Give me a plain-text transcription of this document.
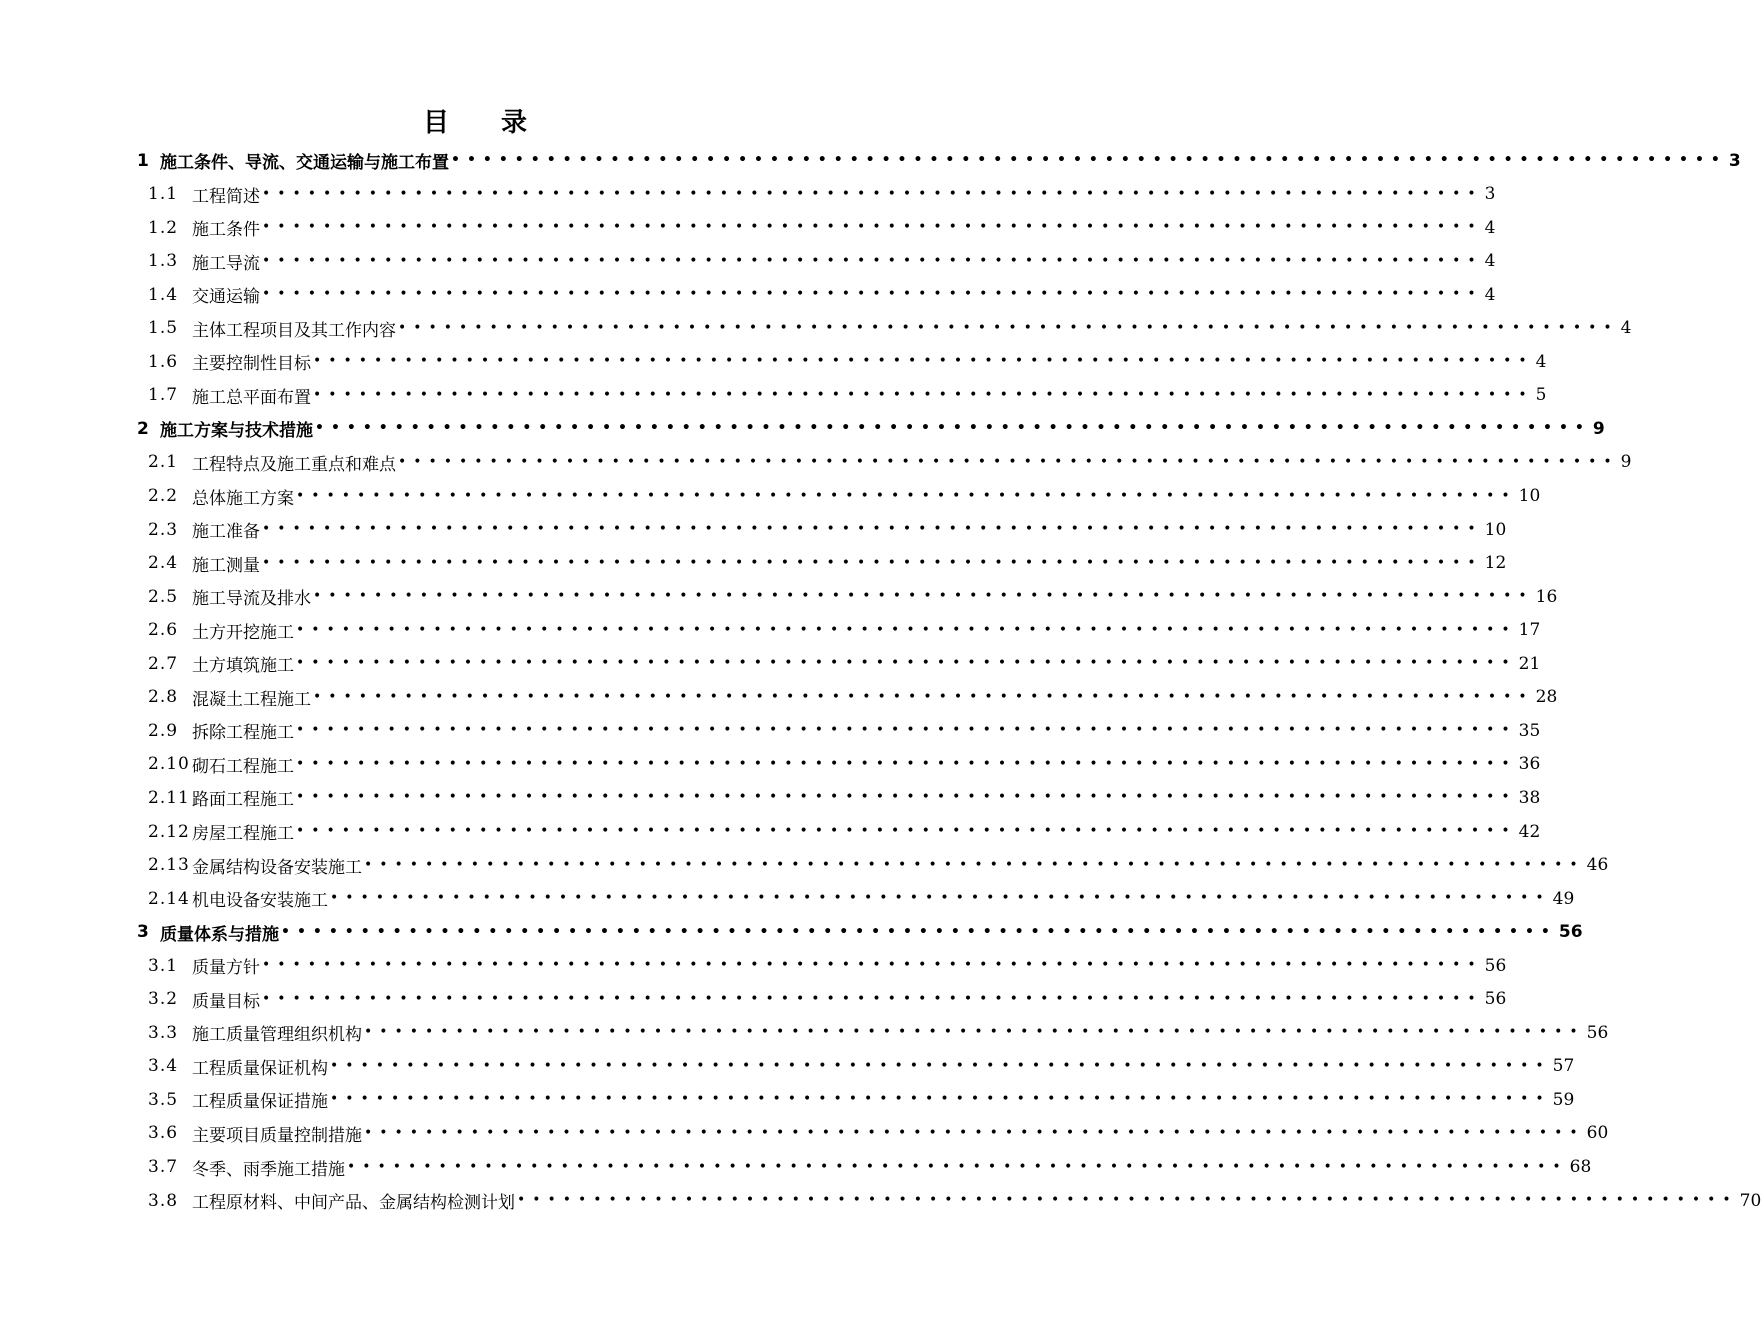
目 录
1 施工条件、导流、交通运输与施工布置 •••••••••••••••••••••••••••••••••••••••••••••••••••••••••••••••••••••••••••••••• 3
1.1 工程简述 •••••••••••••••••••••••••••••••••••••••••••••••••••••••••••••••••••••••••••••••• 3
1.2 施工条件 •••••••••••••••••••••••••••••••••••••••••••••••••••••••••••••••••••••••••••••••• 4
1.3 施工导流 •••••••••••••••••••••••••••••••••••••••••••••••••••••••••••••••••••••••••••••••• 4
1.4 交通运输 •••••••••••••••••••••••••••••••••••••••••••••••••••••••••••••••••••••••••••••••• 4
1.5 主体工程项目及其工作内容 •••••••••••••••••••••••••••••••••••••••••••••••••••••••••••••••••••••••••••••••• 4
1.6 主要控制性目标 •••••••••••••••••••••••••••••••••••••••••••••••••••••••••••••••••••••••••••••••• 4
1.7 施工总平面布置 •••••••••••••••••••••••••••••••••••••••••••••••••••••••••••••••••••••••••••••••• 5
2 施工方案与技术措施 •••••••••••••••••••••••••••••••••••••••••••••••••••••••••••••••••••••••••••••••• 9
2.1 工程特点及施工重点和难点 •••••••••••••••••••••••••••••••••••••••••••••••••••••••••••••••••••••••••••••••• 9
2.2 总体施工方案 •••••••••••••••••••••••••••••••••••••••••••••••••••••••••••••••••••••••••••••••• 10
2.3 施工准备 •••••••••••••••••••••••••••••••••••••••••••••••••••••••••••••••••••••••••••••••• 10
2.4 施工测量 •••••••••••••••••••••••••••••••••••••••••••••••••••••••••••••••••••••••••••••••• 12
2.5 施工导流及排水 •••••••••••••••••••••••••••••••••••••••••••••••••••••••••••••••••••••••••••••••• 16
2.6 土方开挖施工 •••••••••••••••••••••••••••••••••••••••••••••••••••••••••••••••••••••••••••••••• 17
2.7 土方填筑施工 •••••••••••••••••••••••••••••••••••••••••••••••••••••••••••••••••••••••••••••••• 21
2.8 混凝土工程施工 •••••••••••••••••••••••••••••••••••••••••••••••••••••••••••••••••••••••••••••••• 28
2.9 拆除工程施工 •••••••••••••••••••••••••••••••••••••••••••••••••••••••••••••••••••••••••••••••• 35
2.10 砌石工程施工 •••••••••••••••••••••••••••••••••••••••••••••••••••••••••••••••••••••••••••••••• 36
2.11 路面工程施工 •••••••••••••••••••••••••••••••••••••••••••••••••••••••••••••••••••••••••••••••• 38
2.12 房屋工程施工 •••••••••••••••••••••••••••••••••••••••••••••••••••••••••••••••••••••••••••••••• 42
2.13 金属结构设备安装施工 •••••••••••••••••••••••••••••••••••••••••••••••••••••••••••••••••••••••••••••••• 46
2.14 机电设备安装施工 •••••••••••••••••••••••••••••••••••••••••••••••••••••••••••••••••••••••••••••••• 49
3 质量体系与措施 •••••••••••••••••••••••••••••••••••••••••••••••••••••••••••••••••••••••••••••••• 56
3.1 质量方针 •••••••••••••••••••••••••••••••••••••••••••••••••••••••••••••••••••••••••••••••• 56
3.2 质量目标 •••••••••••••••••••••••••••••••••••••••••••••••••••••••••••••••••••••••••••••••• 56
3.3 施工质量管理组织机构 •••••••••••••••••••••••••••••••••••••••••••••••••••••••••••••••••••••••••••••••• 56
3.4 工程质量保证机构 •••••••••••••••••••••••••••••••••••••••••••••••••••••••••••••••••••••••••••••••• 57
3.5 工程质量保证措施 •••••••••••••••••••••••••••••••••••••••••••••••••••••••••••••••••••••••••••••••• 59
3.6 主要项目质量控制措施 •••••••••••••••••••••••••••••••••••••••••••••••••••••••••••••••••••••••••••••••• 60
3.7 冬季、雨季施工措施 •••••••••••••••••••••••••••••••••••••••••••••••••••••••••••••••••••••••••••••••• 68
3.8 工程原材料、中间产品、金属结构检测计划 •••••••••••••••••••••••••••••••••••••••••••••••••••••••••••••••••••••••••••••••• 70
